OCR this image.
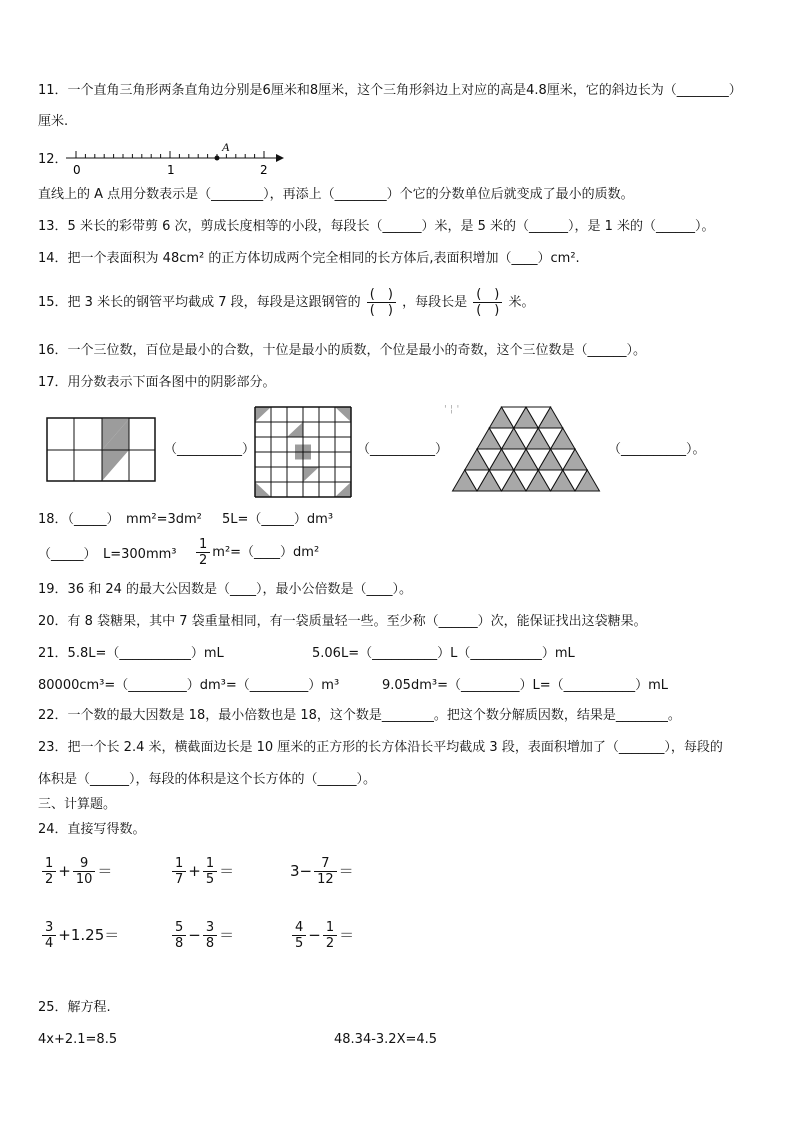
11．一个直角三角形两条直角边分别是6厘米和8厘米，这个三角形斜边上对应的高是4.8厘米，它的斜边长为（________）
厘米.
12．
A
0	1	2
直线上的 A 点用分数表示是（________），再添上（________）个它的分数单位后就变成了最小的质数。
13．5 米长的彩带剪 6 次，剪成长度相等的小段，每段长（______）米，是 5 米的（______），是 1 米的（______）。
14．把一个表面积为 48cm² 的正方体切成两个完全相同的长方体后,表面积增加（____）cm².
15．把 3 米长的钢管平均截成 7 段，每段是这跟钢管的 $\frac{( )}{( )}$ ，每段长是 $\frac{( )}{( )}$ 米。
16．一个三位数，百位是最小的合数，十位是最小的质数，个位是最小的奇数，这个三位数是（______）。
17．用分数表示下面各图中的阴影部分。
（__________）	（__________）
' ¦ '
（__________）。
18．（_____）　mm²=3dm² 5L=（_____）dm³
（_____）　$L=300mm^3 \frac{1}{2}$ m²=（____）dm²
19．36 和 24 的最大公因数是（____），最小公倍数是（____）。
20．有 8 袋糖果，其中 7 袋重量相同，有一袋质量轻一些。至少称（______）次，能保证找出这袋糖果。
21．5.8L=（___________）mL	5.06L=（__________）L（___________）mL
80000cm³=（_________）dm³=（_________）m³	9.05dm³=（_________）L=（___________）mL
22．一个数的最大因数是 18，最小倍数也是 18，这个数是________。把这个数分解质因数，结果是________。
23．把一个长 2.4 米，横截面边长是 10 厘米的正方形的长方体沿长平均截成 3 段，表面积增加了（_______），每段的
体积是（______），每段的体积是这个长方体的（______）。
三、计算题。
24．直接写得数。
$\frac{1}{2} + \frac{9}{10}$ ＝	$\frac{1}{7} + \frac{1}{5}$ ＝	$3- \frac{7}{12}$ ＝
$\frac{3}{4} +1.25=$	$\frac{5}{8} - \frac{3}{8}$ ＝	$\frac{4}{5} - \frac{1}{2}$ ＝
25．解方程.
4x+2.1=8.5	48.34-3.2X=4.5
